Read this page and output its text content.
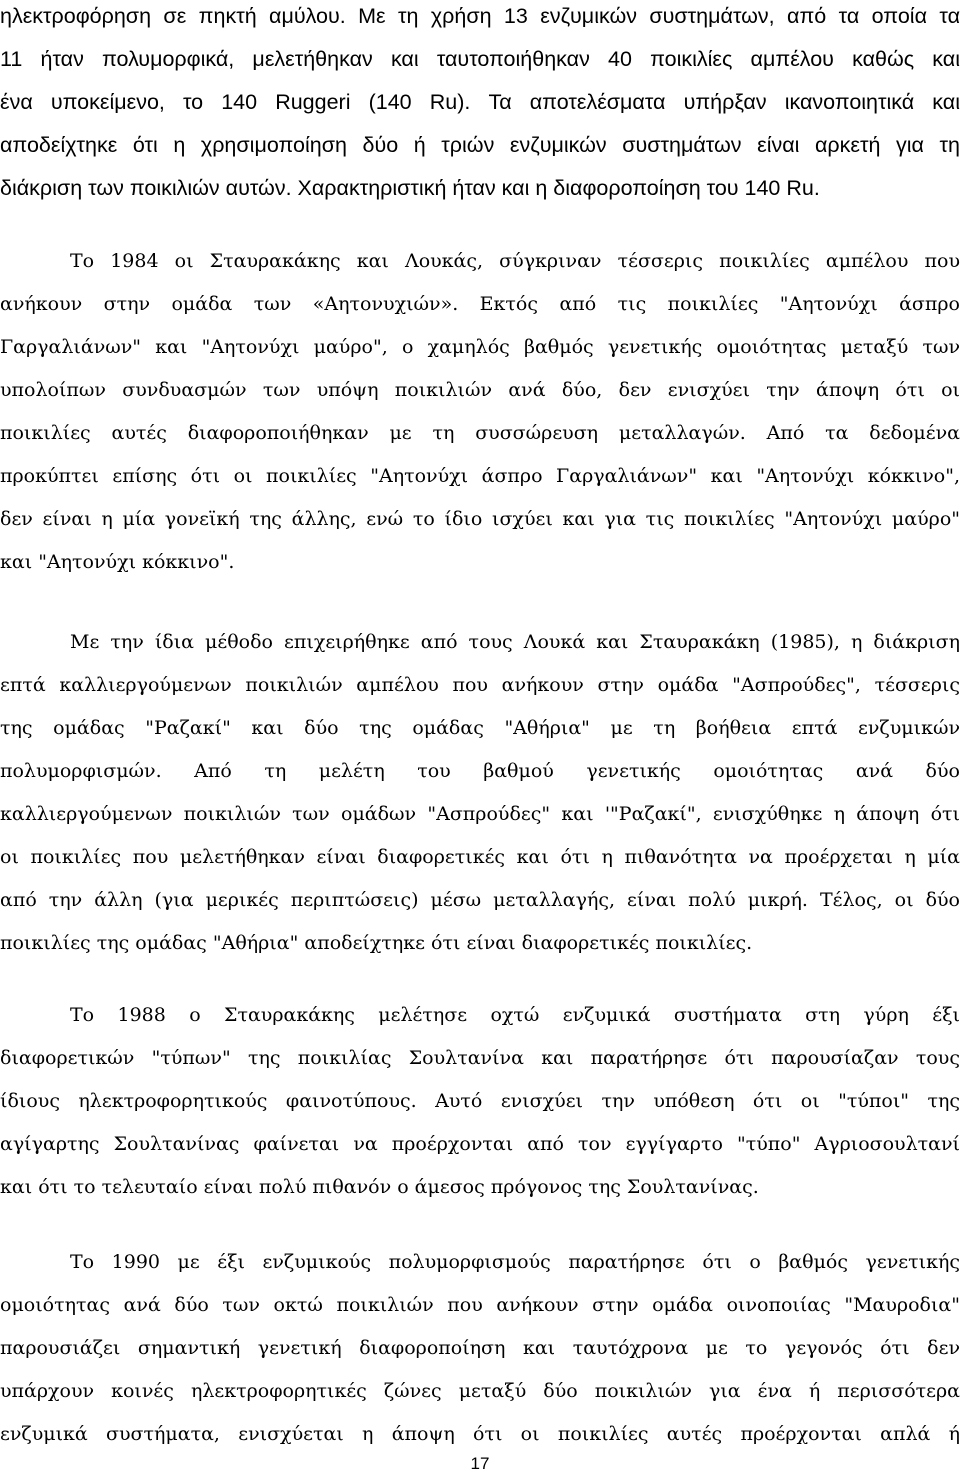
ηλεκτροφόρηση σε πηκτή αμύλου. Με τη χρήση 13 ενζυμικών συστημάτων, από τα οποία τα
11 ήταν πολυμορφικά, μελετήθηκαν και ταυτοποιήθηκαν 40 ποικιλίες αμπέλου καθώς και
ένα υποκείμενο, το 140 Ruggeri (140 Ru). Τα αποτελέσματα υπήρξαν ικανοποιητικά και
αποδείχτηκε ότι η χρησιμοποίηση δύο ή τριών ενζυμικών συστημάτων είναι αρκετή για τη
διάκριση των ποικιλιών αυτών. Χαρακτηριστική ήταν και η διαφοροποίηση του 140 Ru.
Το 1984 οι Σταυρακάκης και Λουκάς, σύγκριναν τέσσερις ποικιλίες αμπέλου που
ανήκουν στην ομάδα των «Αητονυχιών». Εκτός από τις ποικιλίες "Αητονύχι άσπρο
Γαργαλιάνων" και "Αητονύχι μαύρο", ο χαμηλός βαθμός γενετικής ομοιότητας μεταξύ των
υπολοίπων συνδυασμών των υπόψη ποικιλιών ανά δύο, δεν ενισχύει την άποψη ότι οι
ποικιλίες αυτές διαφοροποιήθηκαν με τη συσσώρευση μεταλλαγών. Από τα δεδομένα
προκύπτει επίσης ότι οι ποικιλίες "Αητονύχι άσπρο Γαργαλιάνων" και "Αητονύχι κόκκινο",
δεν είναι η μία γονεϊκή της άλλης, ενώ το ίδιο ισχύει και για τις ποικιλίες "Αητονύχι μαύρο"
και "Αητονύχι κόκκινο".
Με την ίδια μέθοδο επιχειρήθηκε από τους Λουκά και Σταυρακάκη (1985), η διάκριση
επτά καλλιεργούμενων ποικιλιών αμπέλου που ανήκουν στην ομάδα "Ασπρούδες", τέσσερις
της ομάδας "Ραζακί" και δύο της ομάδας "Αθήρια" με τη βοήθεια επτά ενζυμικών
πολυμορφισμών. Από τη μελέτη του βαθμού γενετικής ομοιότητας ανά δύο
καλλιεργούμενων ποικιλιών των ομάδων "Ασπρούδες" και '"Ραζακί", ενισχύθηκε η άποψη ότι
οι ποικιλίες που μελετήθηκαν είναι διαφορετικές και ότι η πιθανότητα να προέρχεται η μία
από την άλλη (για μερικές περιπτώσεις) μέσω μεταλλαγής, είναι πολύ μικρή. Τέλος, οι δύο
ποικιλίες της ομάδας "Αθήρια" αποδείχτηκε ότι είναι διαφορετικές ποικιλίες.
Το 1988 ο Σταυρακάκης μελέτησε οχτώ ενζυμικά συστήματα στη γύρη έξι
διαφορετικών "τύπων" της ποικιλίας Σουλτανίνα και παρατήρησε ότι παρουσίαζαν τους
ίδιους ηλεκτροφορητικούς φαινοτύπους. Αυτό ενισχύει την υπόθεση ότι οι "τύποι" της
αγίγαρτης Σουλτανίνας φαίνεται να προέρχονται από τον εγγίγαρτο "τύπο" Αγριοσουλτανί
και ότι το τελευταίο είναι πολύ πιθανόν ο άμεσος πρόγονος της Σουλτανίνας.
Το 1990 με έξι ενζυμικούς πολυμορφισμούς παρατήρησε ότι ο βαθμός γενετικής
ομοιότητας ανά δύο των οκτώ ποικιλιών που ανήκουν στην ομάδα οινοποιίας "Μαυροδια"
παρουσιάζει σημαντική γενετική διαφοροποίηση και ταυτόχρονα με το γεγονός ότι δεν
υπάρχουν κοινές ηλεκτροφορητικές ζώνες μεταξύ δύο ποικιλιών για ένα ή περισσότερα
ενζυμικά συστήματα, ενισχύεται η άποψη ότι οι ποικιλίες αυτές προέρχονται απλά ή
17
